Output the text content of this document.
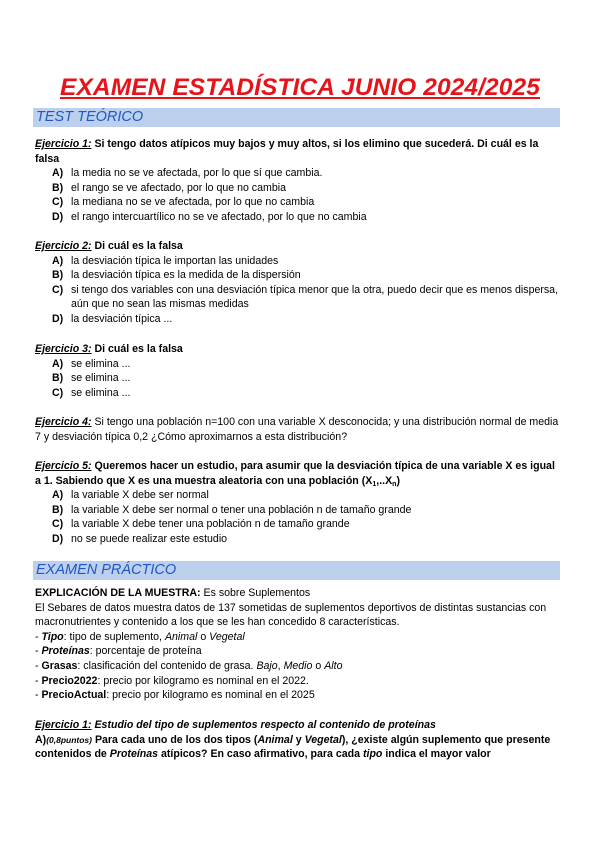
EXAMEN ESTADÍSTICA JUNIO 2024/2025
TEST TEÓRICO

Ejercicio 1: Si tengo datos atípicos muy bajos y muy altos, si los elimino que sucederá. Di cuál es la falsa

A) la media no se ve afectada, por lo que sí que cambia.
B) el rango se ve afectado, por lo que no cambia
C) la mediana no se ve afectada, por lo que no cambia
D) el rango intercuartílico no se ve afectado, por lo que no cambia

Ejercicio 2: Di cuál es la falsa

A) la desviación típica le importan las unidades
B) la desviación típica es la medida de la dispersión
C) si tengo dos variables con una desviación típica menor que la otra, puedo decir que es menos dispersa, aún que no sean las mismas medidas
D) la desviación típica ...

Ejercicio 3: Di cuál es la falsa

A) se elimina ...
B) se elimina ...
C) se elimina ...

Ejercicio 4: Si tengo una población n=100 con una variable X desconocida; y una distribución normal de media 7 y desviación típica 0,2 ¿Cómo aproximarnos a esta distribución?

Ejercicio 5: Queremos hacer un estudio, para asumir que la desviación típica de una variable X es igual a 1. Sabiendo que X es una muestra aleatoria con una población $(X_1,..X_n)$

A) la variable X debe ser normal
B) la variable X debe ser normal o tener una población n de tamaño grande
C) la variable X debe tener una población n de tamaño grande
D) no se puede realizar este estudio
EXAMEN PRÁCTICO

EXPLICACIÓN DE LA MUESTRA: Es sobre Suplementos

El Sebares de datos muestra datos de 137 sometidas de suplementos deportivos de distintas sustancias con macronutrientes y contenido a los que se les han concedido 8 características.

- Tipo: tipo de suplemento, Animal o Vegetal

- Proteínas: porcentaje de proteína

- Grasas: clasificación del contenido de grasa. Bajo, Medio o Alto

- Precio2022: precio por kilogramo es nominal en el 2022.

- PrecioActual: precio por kilogramo es nominal en el 2025

Ejercicio 1: Estudio del tipo de suplementos respecto al contenido de proteínas

A)(0,8puntos) Para cada uno de los dos tipos (Animal y Vegetal), ¿existe algún suplemento que presente contenidos de Proteínas atípicos? En caso afirmativo, para cada tipo indica el mayor valor
